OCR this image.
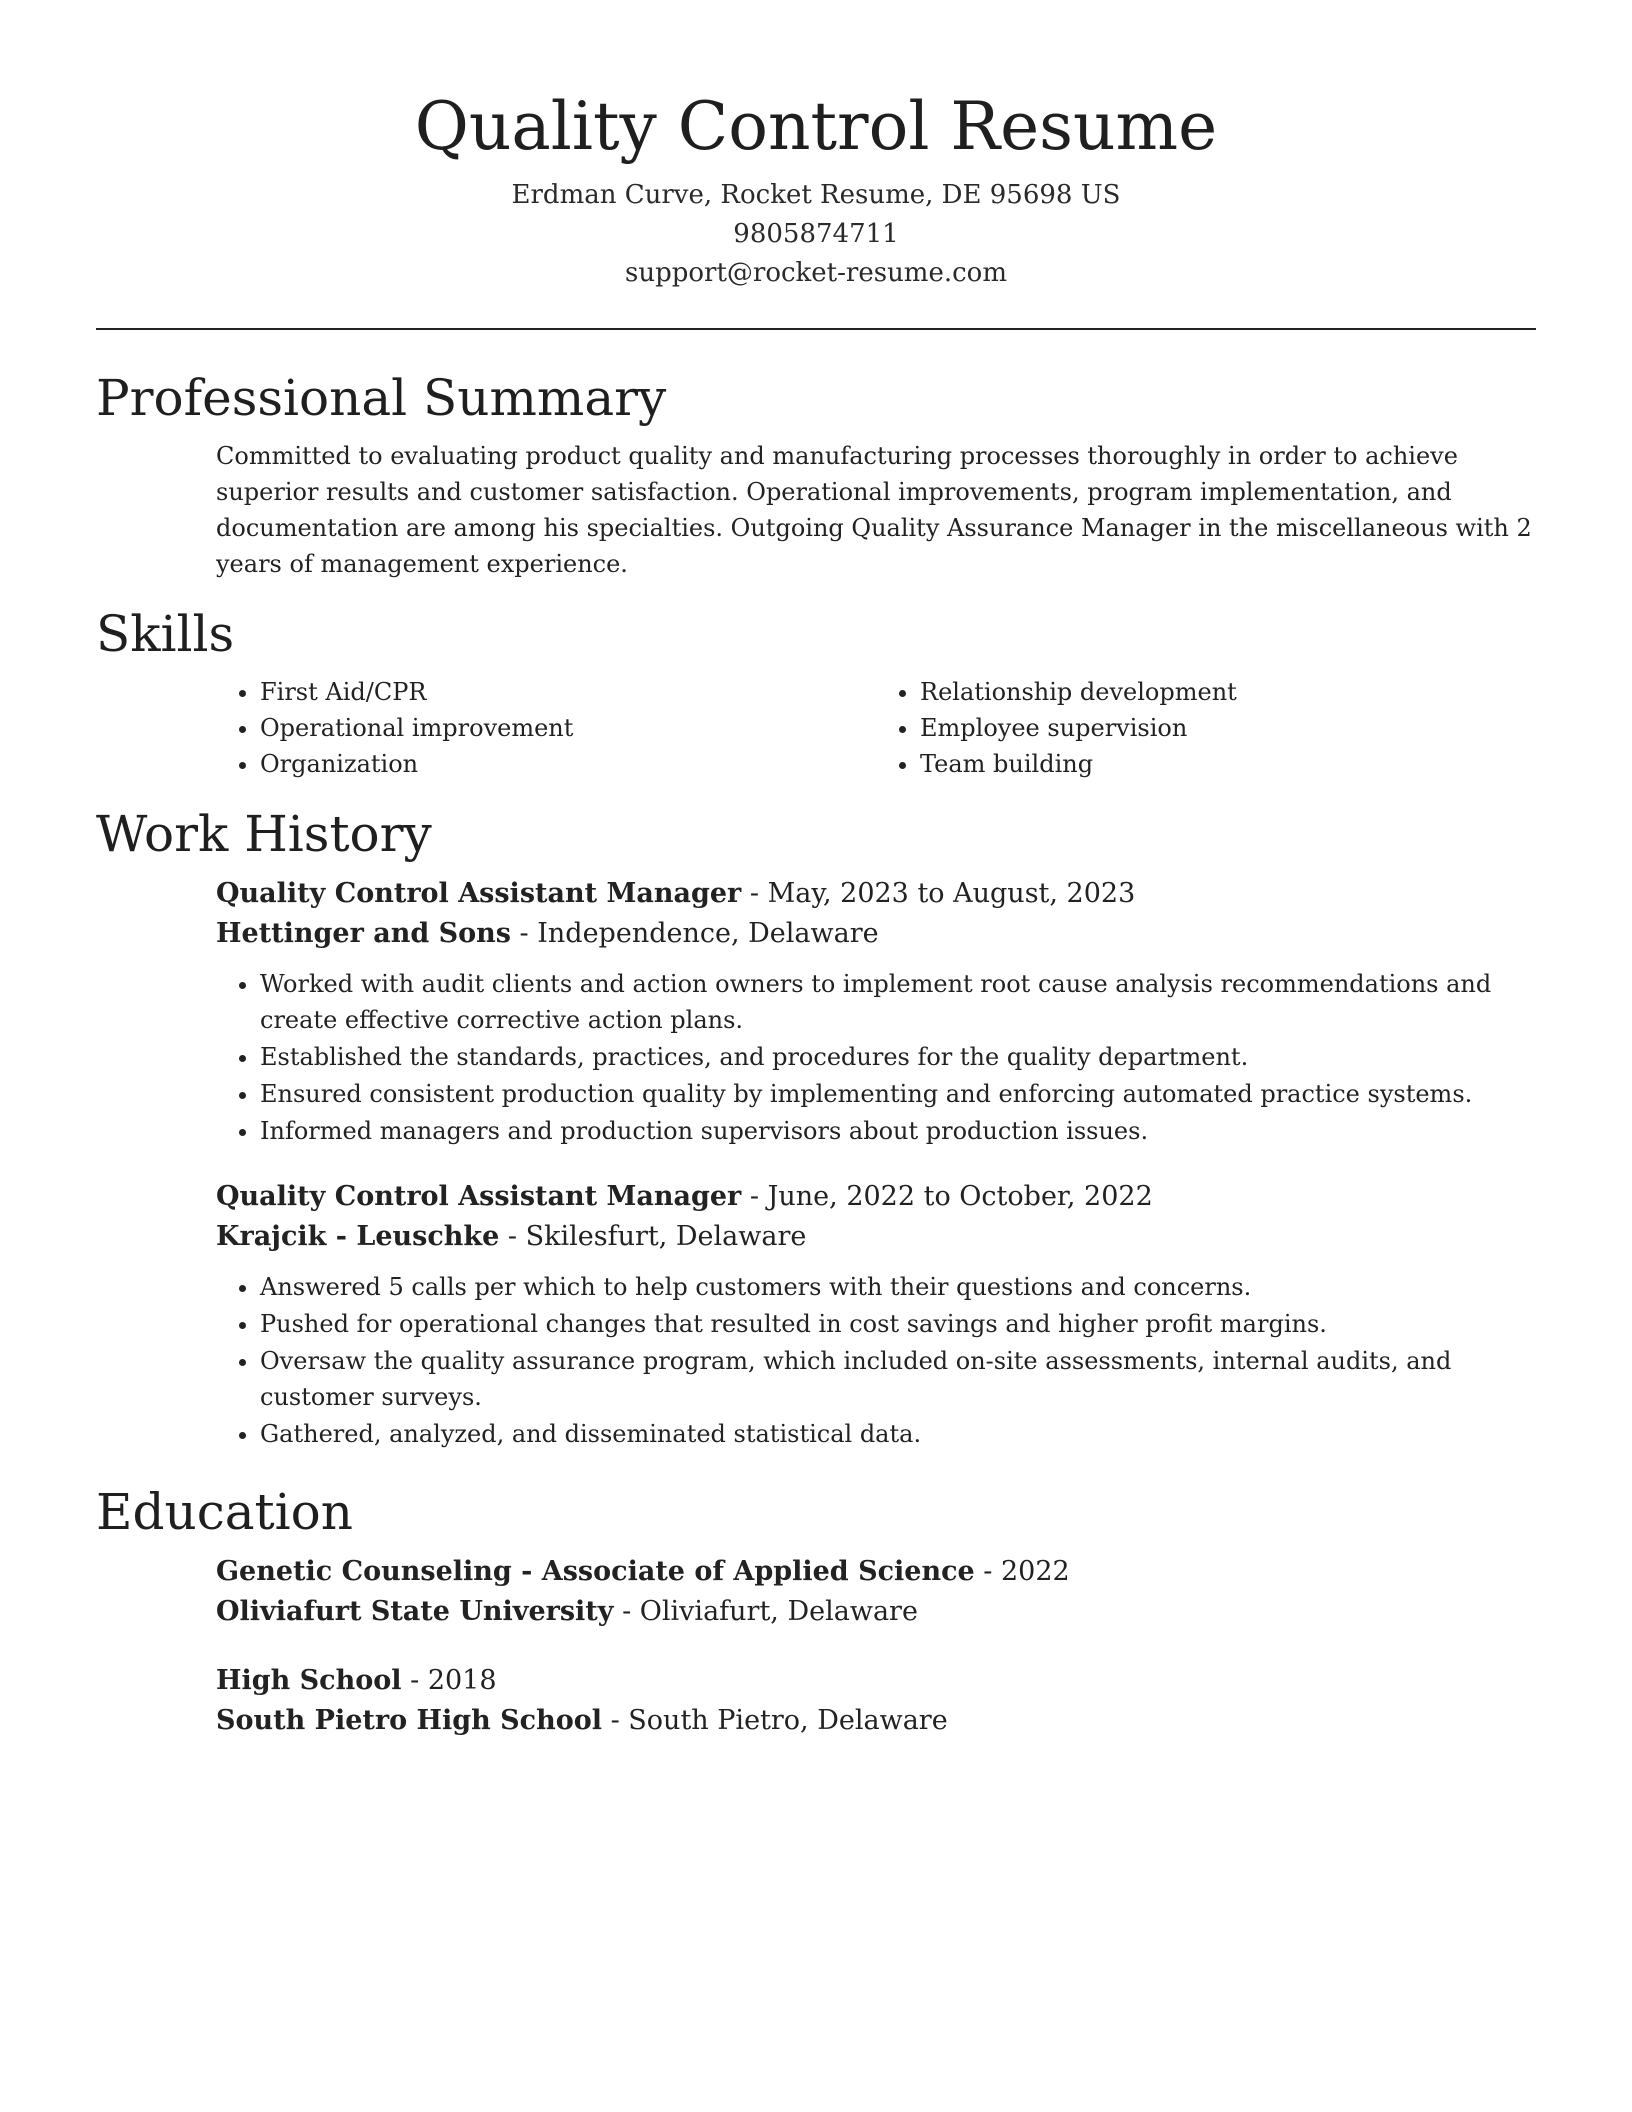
Quality Control Resume
Erdman Curve, Rocket Resume, DE 95698 US
9805874711
support@rocket-resume.com
Professional Summary

Committed to evaluating product quality and manufacturing processes thoroughly in order to achieve superior results and customer satisfaction. Operational improvements, program implementation, and documentation are among his specialties. Outgoing Quality Assurance Manager in the miscellaneous with 2 years of management experience.

Skills
• First Aid/CPR
• Operational improvement
• Organization
• Relationship development
• Employee supervision
• Team building
Work History
Quality Control Assistant Manager - May, 2023 to August, 2023
Hettinger and Sons - Independence, Delaware
• Worked with audit clients and action owners to implement root cause analysis recommendations and create effective corrective action plans.
• Established the standards, practices, and procedures for the quality department.
• Ensured consistent production quality by implementing and enforcing automated practice systems.
• Informed managers and production supervisors about production issues.
Quality Control Assistant Manager - June, 2022 to October, 2022
Krajcik - Leuschke - Skilesfurt, Delaware
• Answered 5 calls per which to help customers with their questions and concerns.
• Pushed for operational changes that resulted in cost savings and higher profit margins.
• Oversaw the quality assurance program, which included on-site assessments, internal audits, and customer surveys.
• Gathered, analyzed, and disseminated statistical data.
Education
Genetic Counseling - Associate of Applied Science - 2022
Oliviafurt State University - Oliviafurt, Delaware
High School - 2018
South Pietro High School - South Pietro, Delaware
